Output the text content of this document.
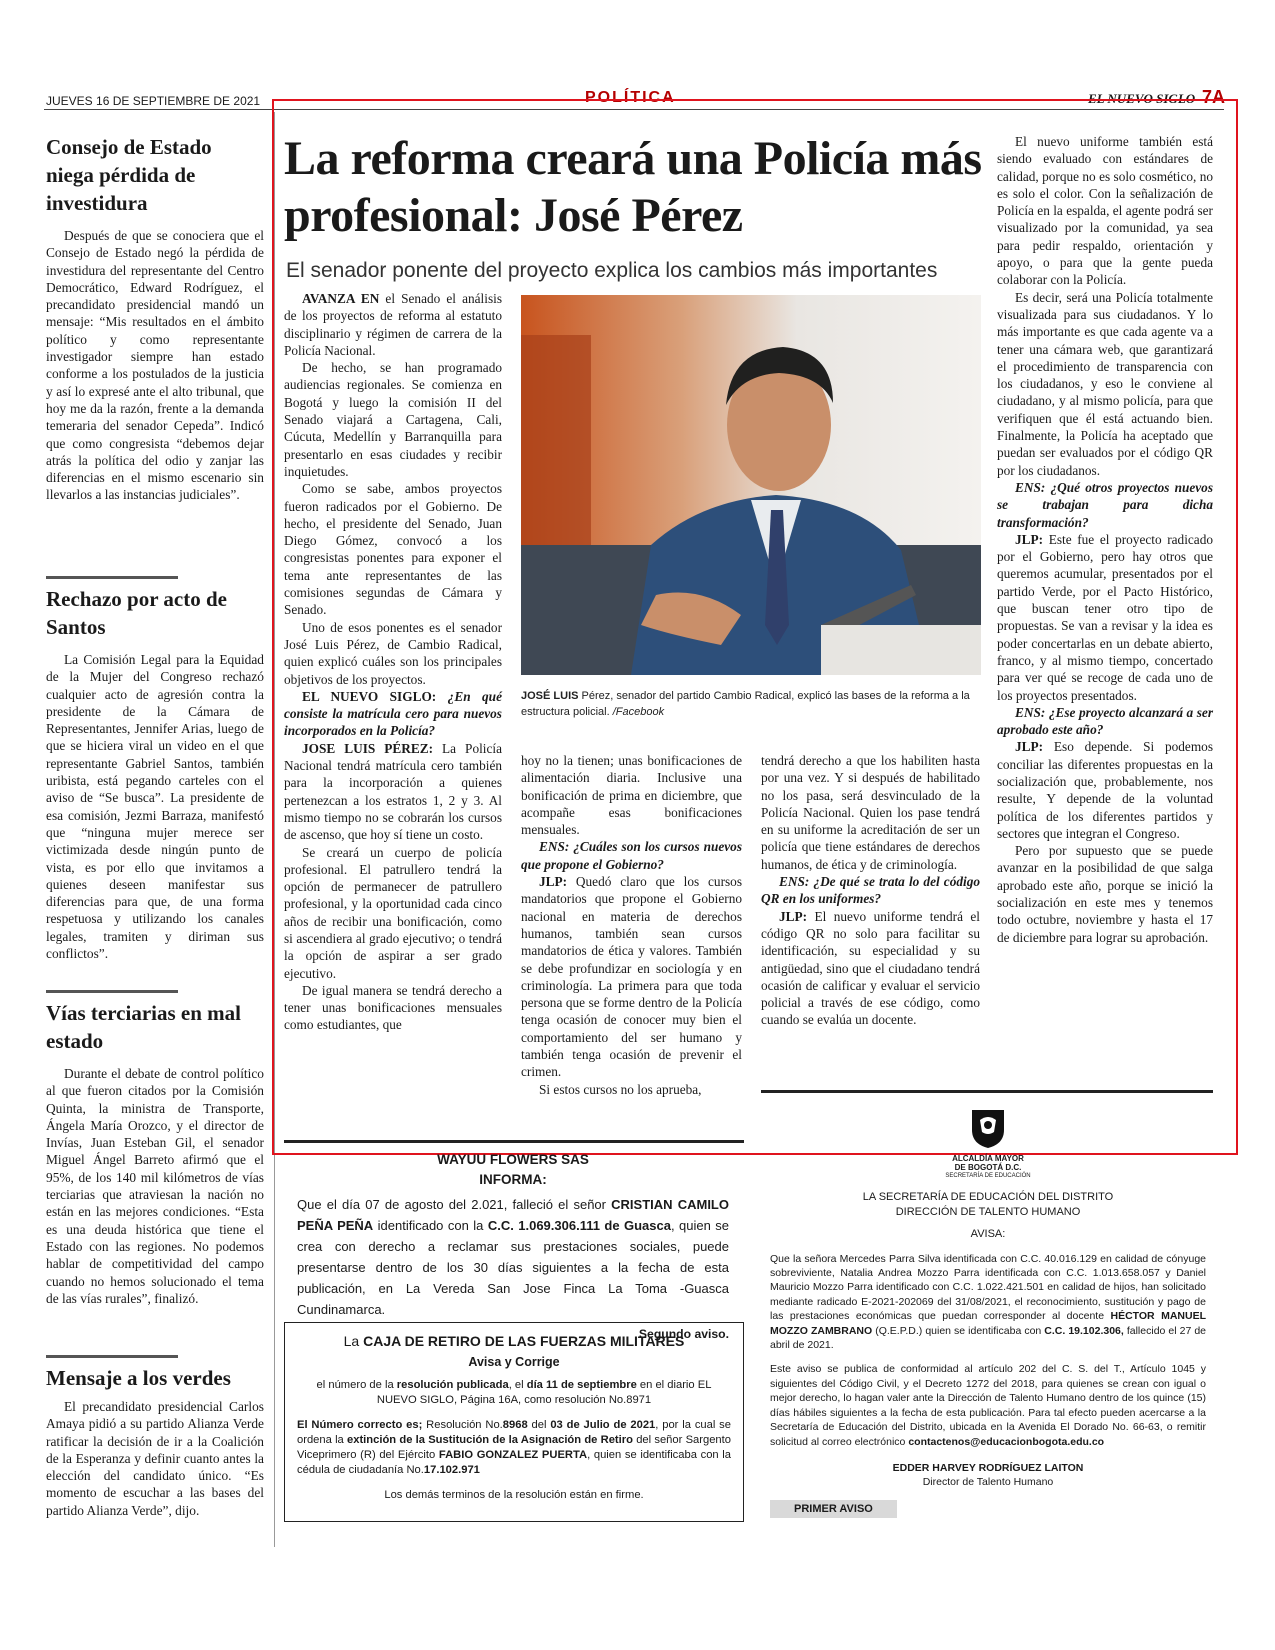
JUEVES 16 DE SEPTIEMBRE DE 2021	POLÍTICA	EL NUEVO SIGLO 7A
Consejo de Estado niega pérdida de investidura

Después de que se conociera que el Consejo de Estado negó la pérdida de investidura del representante del Centro Democrático, Edward Rodríguez, el precandidato presidencial mandó un mensaje: “Mis resultados en el ámbito político y como representante investigador siempre han estado conforme a los postulados de la justicia y así lo expresé ante el alto tribunal, que hoy me da la razón, frente a la demanda temeraria del senador Cepeda”. Indicó que como congresista “debemos dejar atrás la política del odio y zanjar las diferencias en el mismo escenario sin llevarlos a las instancias judiciales”.

Rechazo por acto de Santos

La Comisión Legal para la Equidad de la Mujer del Congreso rechazó cualquier acto de agresión contra la presidente de la Cámara de Representantes, Jennifer Arias, luego de que se hiciera viral un video en el que representante Gabriel Santos, también uribista, está pegando carteles con el aviso de “Se busca”. La presidente de esa comisión, Jezmi Barraza, manifestó que “ninguna mujer merece ser victimizada desde ningún punto de vista, es por ello que invitamos a quienes deseen manifestar sus diferencias para que, de una forma respetuosa y utilizando los canales legales, tramiten y diriman sus conflictos”.

Vías terciarias en mal estado

Durante el debate de control político al que fueron citados por la Comisión Quinta, la ministra de Transporte, Ángela María Orozco, y el director de Invías, Juan Esteban Gil, el senador Miguel Ángel Barreto afirmó que el 95%, de los 140 mil kilómetros de vías terciarias que atraviesan la nación no están en las mejores condiciones. “Esta es una deuda histórica que tiene el Estado con las regiones. No podemos hablar de competitividad del campo cuando no hemos solucionado el tema de las vías rurales”, finalizó.

Mensaje a los verdes

El precandidato presidencial Carlos Amaya pidió a su partido Alianza Verde ratificar la decisión de ir a la Coalición de la Esperanza y definir cuanto antes la elección del candidato único. “Es momento de escuchar a las bases del partido Alianza Verde”, dijo.

La reforma creará una Policía más profesional: José Pérez
El senador ponente del proyecto explica los cambios más importantes

AVANZA EN el Senado el análisis de los proyectos de reforma al estatuto disciplinario y régimen de carrera de la Policía Nacional.

De hecho, se han programado audiencias regionales. Se comienza en Bogotá y luego la comisión II del Senado viajará a Cartagena, Cali, Cúcuta, Medellín y Barranquilla para presentarlo en esas ciudades y recibir inquietudes.

Como se sabe, ambos proyectos fueron radicados por el Gobierno. De hecho, el presidente del Senado, Juan Diego Gómez, convocó a los congresistas ponentes para exponer el tema ante representantes de las comisiones segundas de Cámara y Senado.

Uno de esos ponentes es el senador José Luis Pérez, de Cambio Radical, quien explicó cuáles son los principales objetivos de los proyectos.

EL NUEVO SIGLO: ¿En qué consiste la matrícula cero para nuevos incorporados en la Policía?

JOSE LUIS PÉREZ: La Policía Nacional tendrá matrícula cero también para la incorporación a quienes pertenezcan a los estratos 1, 2 y 3. Al mismo tiempo no se cobrarán los cursos de ascenso, que hoy sí tiene un costo.

Se creará un cuerpo de policía profesional. El patrullero tendrá la opción de permanecer de patrullero profesional, y la oportunidad cada cinco años de recibir una bonificación, como si ascendiera al grado ejecutivo; o tendrá la opción de aspirar a ser grado ejecutivo.

De igual manera se tendrá derecho a tener unas bonificaciones mensuales como estudiantes, que

JOSÉ LUIS Pérez, senador del partido Cambio Radical, explicó las bases de la reforma a la estructura policial. /Facebook

hoy no la tienen; unas bonificaciones de alimentación diaria. Inclusive una bonificación de prima en diciembre, que acompañe esas bonificaciones mensuales.

ENS: ¿Cuáles son los cursos nuevos que propone el Gobierno?

JLP: Quedó claro que los cursos mandatorios que propone el Gobierno nacional en materia de derechos humanos, también sean cursos mandatorios de ética y valores. También se debe profundizar en sociología y en criminología. La primera para que toda persona que se forme dentro de la Policía tenga ocasión de conocer muy bien el comportamiento del ser humano y también tenga ocasión de prevenir el crimen.

Si estos cursos no los aprueba,

tendrá derecho a que los habiliten hasta por una vez. Y si después de habilitado no los pasa, será desvinculado de la Policía Nacional. Quien los pase tendrá en su uniforme la acreditación de ser un policía que tiene estándares de derechos humanos, de ética y de criminología.

ENS: ¿De qué se trata lo del código QR en los uniformes?

JLP: El nuevo uniforme tendrá el código QR no solo para facilitar su identificación, su especialidad y su antigüedad, sino que el ciudadano tendrá ocasión de calificar y evaluar el servicio policial a través de ese código, como cuando se evalúa un docente.

El nuevo uniforme también está siendo evaluado con estándares de calidad, porque no es solo cosmético, no es solo el color. Con la señalización de Policía en la espalda, el agente podrá ser visualizado por la comunidad, ya sea para pedir respaldo, orientación y apoyo, o para que la gente pueda colaborar con la Policía.

Es decir, será una Policía totalmente visualizada para sus ciudadanos. Y lo más importante es que cada agente va a tener una cámara web, que garantizará el procedimiento de transparencia con los ciudadanos, y eso le conviene al ciudadano, y al mismo policía, para que verifiquen que él está actuando bien. Finalmente, la Policía ha aceptado que puedan ser evaluados por el código QR por los ciudadanos.

ENS: ¿Qué otros proyectos nuevos se trabajan para dicha transformación?

JLP: Este fue el proyecto radicado por el Gobierno, pero hay otros que queremos acumular, presentados por el partido Verde, por el Pacto Histórico, que buscan tener otro tipo de propuestas. Se van a revisar y la idea es poder concertarlas en un debate abierto, franco, y al mismo tiempo, concertado para ver qué se recoge de cada uno de los proyectos presentados.

ENS: ¿Ese proyecto alcanzará a ser aprobado este año?

JLP: Eso depende. Si podemos conciliar las diferentes propuestas en la socialización que, probablemente, nos resulte, Y depende de la voluntad política de los diferentes partidos y sectores que integran el Congreso.

Pero por supuesto que se puede avanzar en la posibilidad de que salga aprobado este año, porque se inició la socialización en este mes y tenemos todo octubre, noviembre y hasta el 17 de diciembre para lograr su aprobación.

WAYUU FLOWERS SAS
INFORMA:
Que el día 07 de agosto del 2.021, falleció el señor CRISTIAN CAMILO PEÑA PEÑA identificado con la C.C. 1.069.306.111 de Guasca, quien se crea con derecho a reclamar sus prestaciones sociales, puede presentarse dentro de los 30 días siguientes a la fecha de esta publicación, en La Vereda San Jose Finca La Toma -Guasca Cundinamarca.
Segundo aviso.
La CAJA DE RETIRO DE LAS FUERZAS MILITARES
Avisa y Corrige
el número de la resolución publicada, el día 11 de septiembre en el diario EL NUEVO SIGLO, Página 16A, como resolución No.8971
El Número correcto es; Resolución No.8968 del 03 de Julio de 2021, por la cual se ordena la extinción de la Sustitución de la Asignación de Retiro del señor Sargento Viceprimero (R) del Ejército FABIO GONZALEZ PUERTA, quien se identificaba con la cédula de ciudadanía No.17.102.971
Los demás terminos de la resolución están en firme.
ALCALDÍA MAYOR
DE BOGOTÁ D.C.
SECRETARÍA DE EDUCACIÓN
LA SECRETARÍA DE EDUCACIÓN DEL DISTRITO
DIRECCIÓN DE TALENTO HUMANO
AVISA:
Que la señora Mercedes Parra Silva identificada con C.C. 40.016.129 en calidad de cónyuge sobreviviente, Natalia Andrea Mozzo Parra identificada con C.C. 1.013.658.057 y Daniel Mauricio Mozzo Parra identificado con C.C. 1.022.421.501 en calidad de hijos, han solicitado mediante radicado E-2021-202069 del 31/08/2021, el reconocimiento, sustitución y pago de las prestaciones económicas que puedan corresponder al docente HÉCTOR MANUEL MOZZO ZAMBRANO (Q.E.P.D.) quien se identificaba con C.C. 19.102.306, fallecido el 27 de abril de 2021.
Este aviso se publica de conformidad al artículo 202 del C. S. del T., Artículo 1045 y siguientes del Código Civil, y el Decreto 1272 del 2018, para quienes se crean con igual o mejor derecho, lo hagan valer ante la Dirección de Talento Humano dentro de los quince (15) días hábiles siguientes a la fecha de esta publicación. Para tal efecto pueden acercarse a la Secretaría de Educación del Distrito, ubicada en la Avenida El Dorado No. 66-63, o remitir solicitud al correo electrónico contactenos@educacionbogota.edu.co
EDDER HARVEY RODRÍGUEZ LAITON
Director de Talento Humano
PRIMER AVISO
